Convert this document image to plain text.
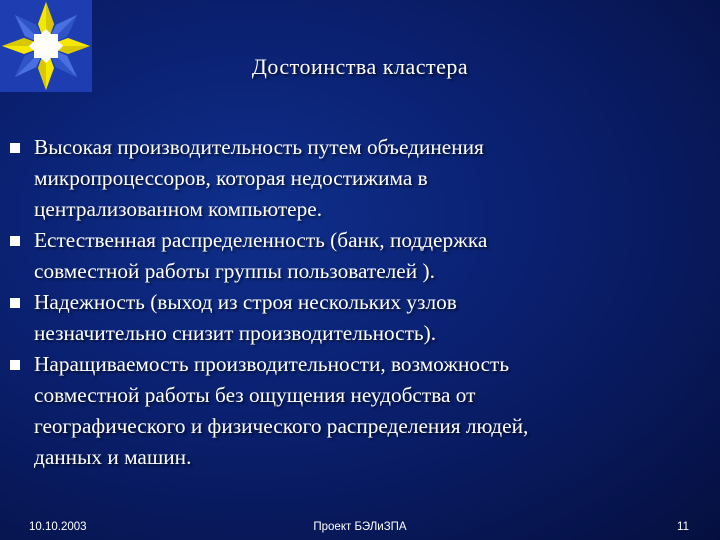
Достоинства кластера
Высокая производительность путем объединения
микропроцессоров, которая недостижима в
централизованном компьютере.
Естественная распределенность (банк, поддержка
совместной работы группы пользователей ).
Надежность (выход из строя нескольких узлов
незначительно снизит производительность).
Наращиваемость производительности, возможность
совместной работы без ощущения неудобства от
географического и физического распределения людей,
данных и машин.
10.10.2003	Проект БЭЛиЗПА	11
